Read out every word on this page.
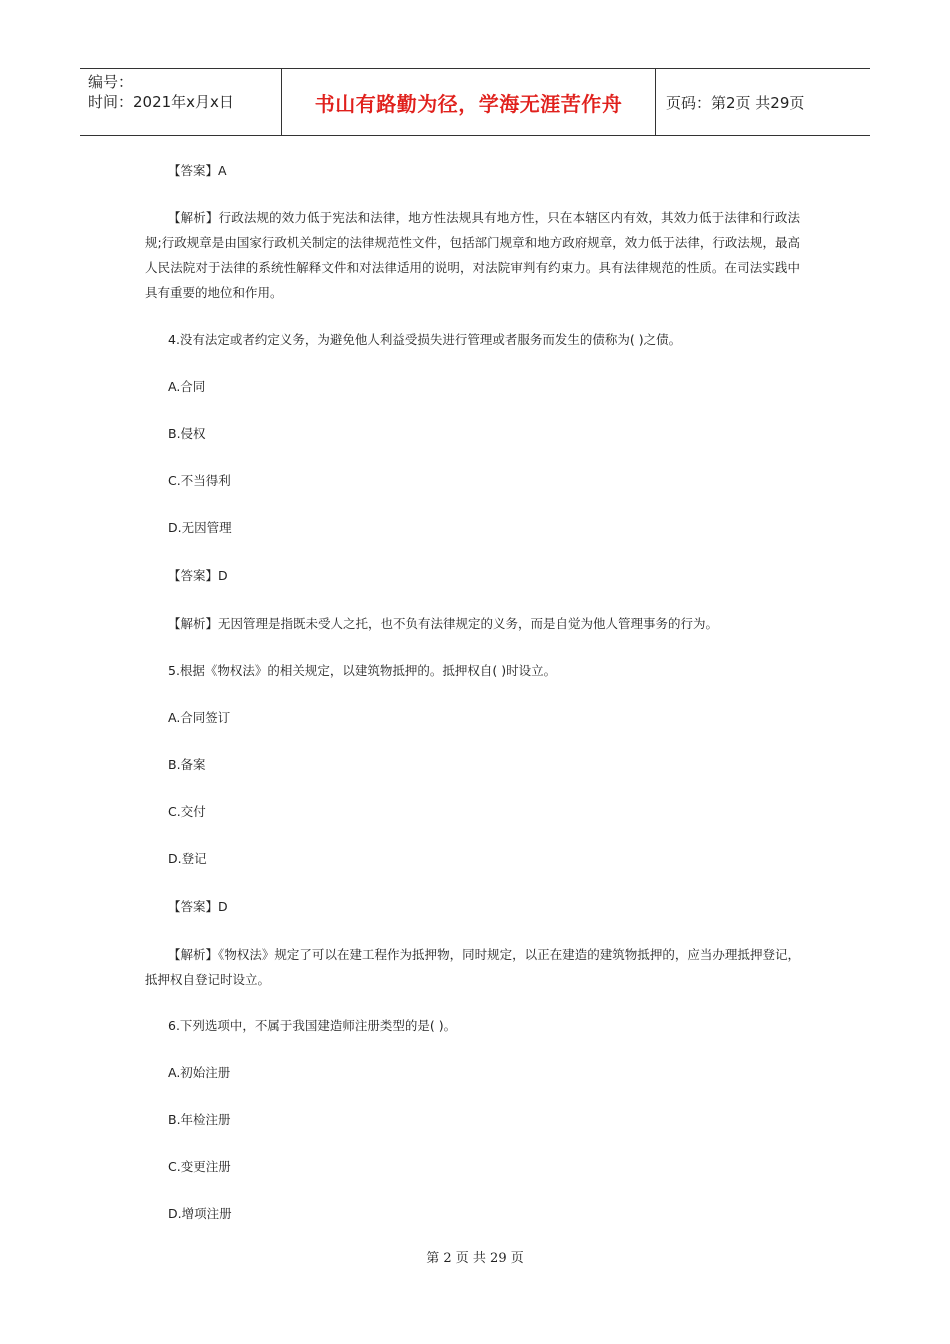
编号：
时间：2021年x月x日	书山有路勤为径，学海无涯苦作舟	页码：第2页 共29页
【答案】A
【解析】行政法规的效力低于宪法和法律，地方性法规具有地方性，只在本辖区内有效，其效力低于法律和行政法规;行政规章是由国家行政机关制定的法律规范性文件，包括部门规章和地方政府规章，效力低于法律，行政法规，最高人民法院对于法律的系统性解释文件和对法律适用的说明，对法院审判有约束力。具有法律规范的性质。在司法实践中具有重要的地位和作用。
4.没有法定或者约定义务，为避免他人利益受损失进行管理或者服务而发生的债称为( )之债。
A.合同
B.侵权
C.不当得利
D.无因管理
【答案】D
【解析】无因管理是指既未受人之托，也不负有法律规定的义务，而是自觉为他人管理事务的行为。
5.根据《物权法》的相关规定，以建筑物抵押的。抵押权自( )时设立。
A.合同签订
B.备案
C.交付
D.登记
【答案】D
【解析】《物权法》规定了可以在建工程作为抵押物，同时规定，以正在建造的建筑物抵押的，应当办理抵押登记，抵押权自登记时设立。
6.下列选项中，不属于我国建造师注册类型的是( )。
A.初始注册
B.年检注册
C.变更注册
D.增项注册
第 2 页 共 29 页
